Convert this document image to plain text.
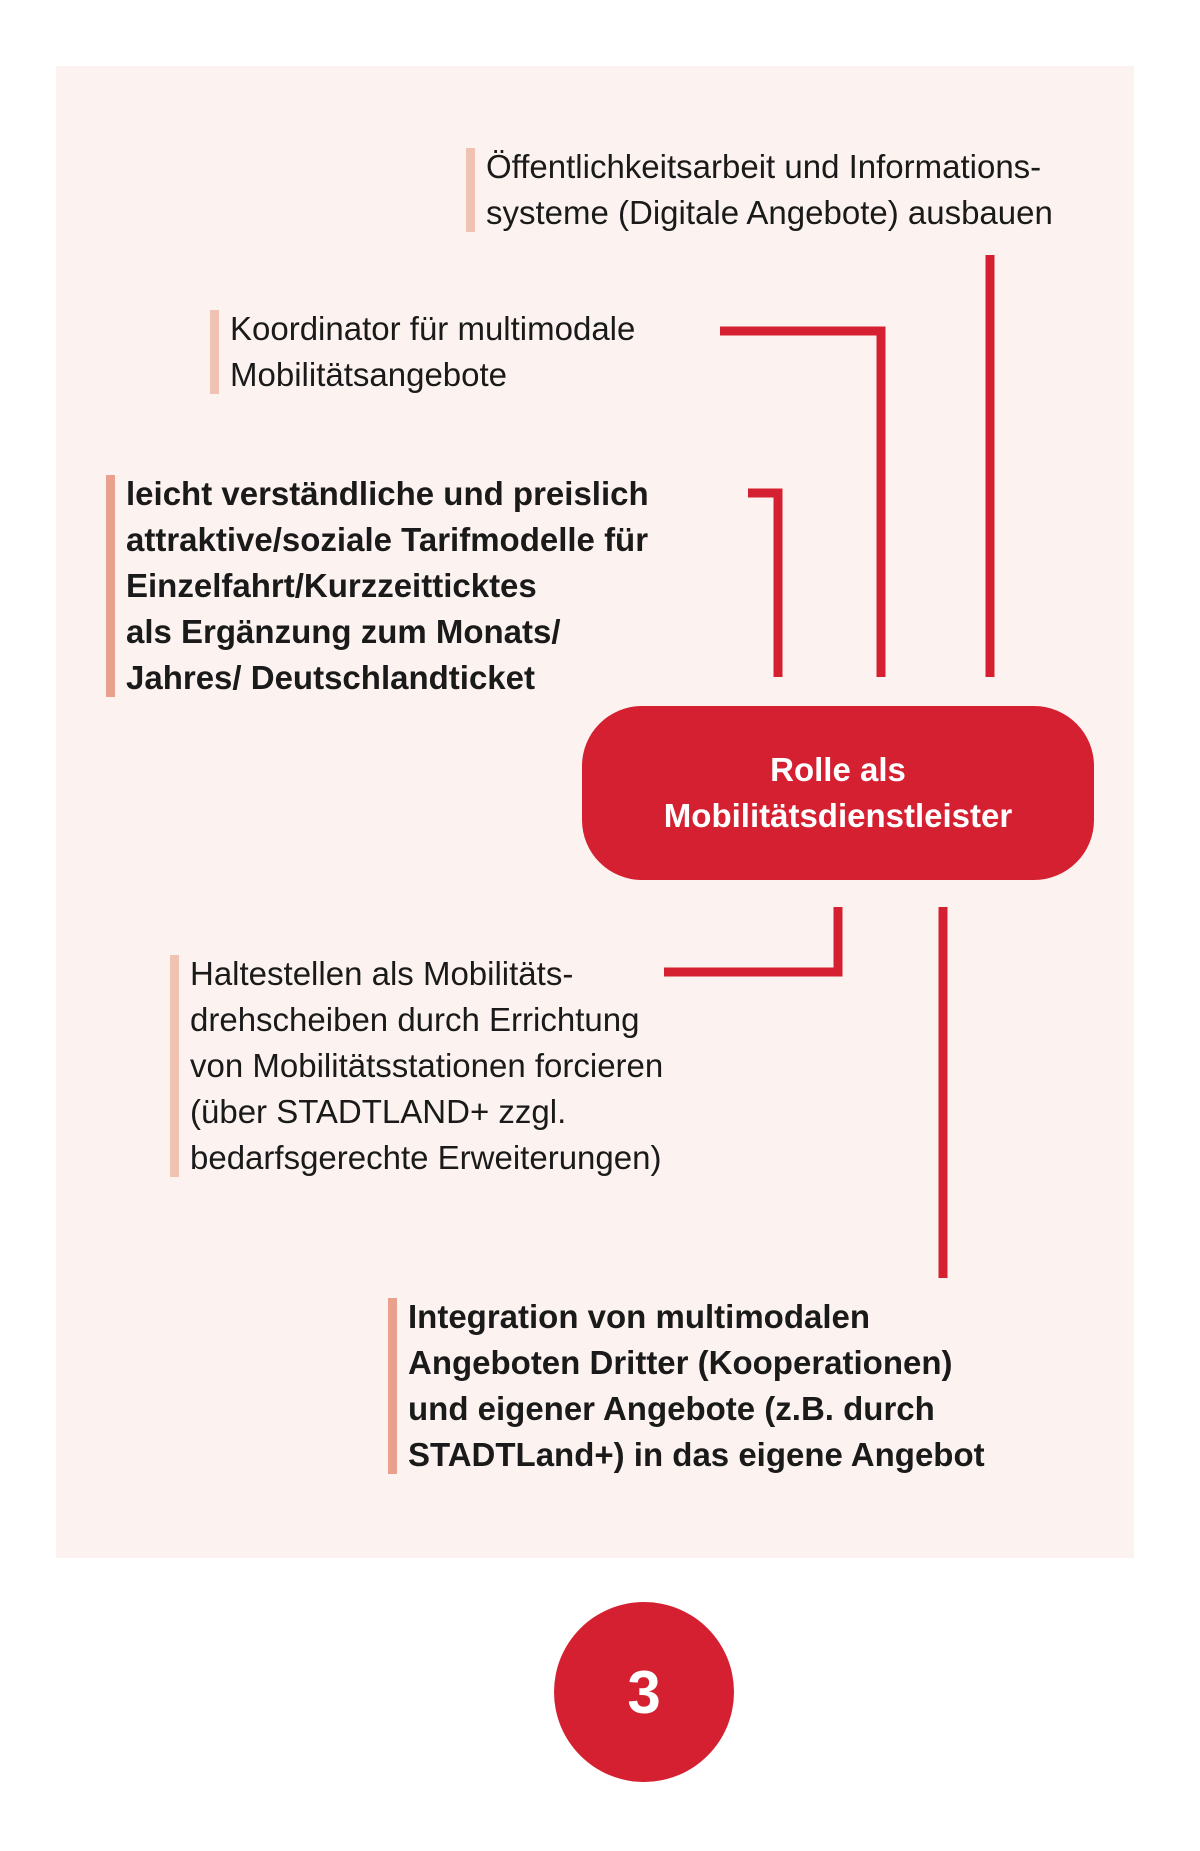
Öffentlichkeitsarbeit und Informations-
systeme (Digitale Angebote) ausbauen
Koordinator für multimodale
Mobilitätsangebote
leicht verständliche und preislich
attraktive/soziale Tarifmodelle für
Einzelfahrt/Kurzzeitticktes
als Ergänzung zum Monats/
Jahres/ Deutschlandticket
Rolle als
Mobilitätsdienstleister
Haltestellen als Mobilitäts-
drehscheiben durch Errichtung
von Mobilitätsstationen forcieren
(über STADTLAND+ zzgl.
bedarfsgerechte Erweiterungen)
Integration von multimodalen
Angeboten Dritter (Kooperationen)
und eigener Angebote (z.B. durch
STADTLand+) in das eigene Angebot
3
